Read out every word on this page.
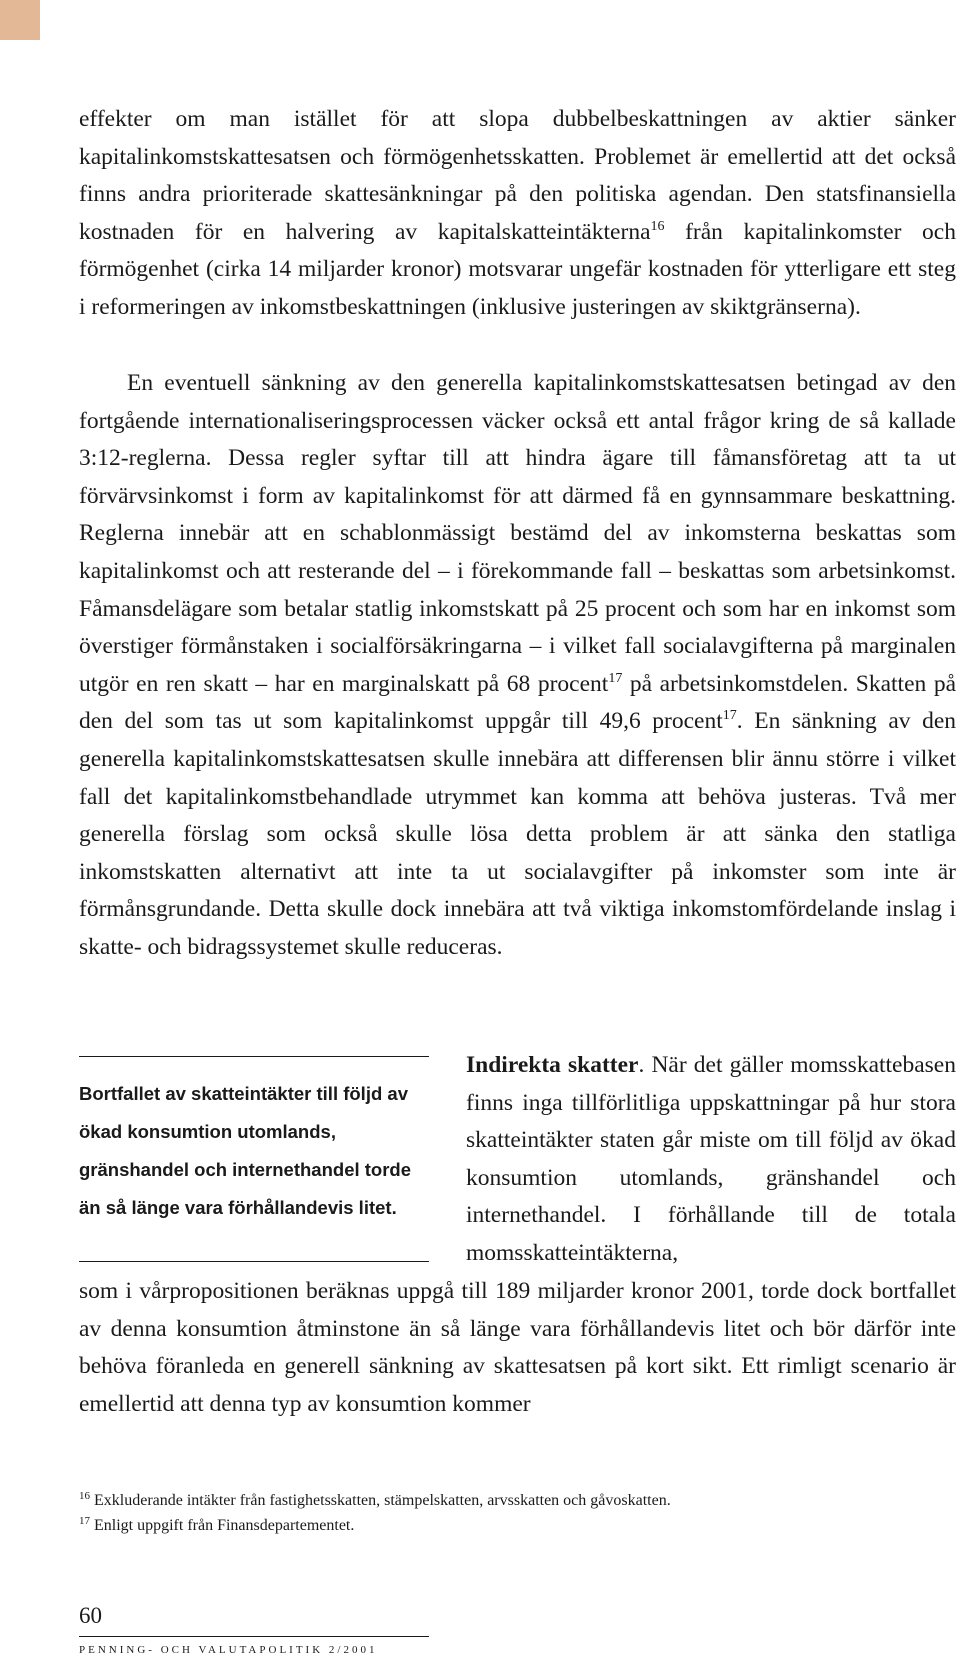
effekter om man istället för att slopa dubbelbeskattningen av aktier sänker kapitalinkomstskattesatsen och förmögenhetsskatten. Problemet är emellertid att det också finns andra prioriterade skattesänkningar på den politiska agendan. Den statsfinansiella kostnaden för en halvering av kapitalskatteintäkterna$^{16}$ från kapitalinkomster och förmögenhet (cirka 14 miljarder kronor) motsvarar ungefär kostnaden för ytterligare ett steg i reformeringen av inkomstbeskattningen (inklusive justeringen av skiktgränserna).

En eventuell sänkning av den generella kapitalinkomstskattesatsen betingad av den fortgående internationaliseringsprocessen väcker också ett antal frågor kring de så kallade 3:12-reglerna. Dessa regler syftar till att hindra ägare till fåmansföretag att ta ut förvärvsinkomst i form av kapitalinkomst för att därmed få en gynnsammare beskattning. Reglerna innebär att en schablonmässigt bestämd del av inkomsterna beskattas som kapitalinkomst och att resterande del – i förekommande fall – beskattas som arbetsinkomst. Fåmansdelägare som betalar statlig inkomstskatt på 25 procent och som har en inkomst som överstiger förmånstaken i socialförsäkringarna – i vilket fall socialavgifterna på marginalen utgör en ren skatt – har en marginalskatt på 68 procent$^{17}$ på arbetsinkomstdelen. Skatten på den del som tas ut som kapitalinkomst uppgår till 49,6 procent$^{17}$. En sänkning av den generella kapitalinkomstskattesatsen skulle innebära att differensen blir ännu större i vilket fall det kapitalinkomstbehandlade utrymmet kan komma att behöva justeras. Två mer generella förslag som också skulle lösa detta problem är att sänka den statliga inkomstskatten alternativt att inte ta ut socialavgifter på inkomster som inte är förmånsgrundande. Detta skulle dock innebära att två viktiga inkomstomfördelande inslag i skatte- och bidragssystemet skulle reduceras.

Bortfallet av skatteintäkter till följd av ökad konsumtion utomlands, gränshandel och internethandel torde än så länge vara förhållandevis litet.

Indirekta skatter. När det gäller momsskattebasen finns inga tillförlitliga uppskattningar på hur stora skatteintäkter staten går miste om till följd av ökad konsumtion utomlands, gränshandel och internethandel. I förhållande till de totala momsskatteintäkterna,

som i vårpropositionen beräknas uppgå till 189 miljarder kronor 2001, torde dock bortfallet av denna konsumtion åtminstone än så länge vara förhållandevis litet och bör därför inte behöva föranleda en generell sänkning av skattesatsen på kort sikt. Ett rimligt scenario är emellertid att denna typ av konsumtion kommer

$^{16}$ Exkluderande intäkter från fastighetsskatten, stämpelskatten, arvsskatten och gåvoskatten.

$^{17}$ Enligt uppgift från Finansdepartementet.

60

PENNING- OCH VALUTAPOLITIK 2/2001
